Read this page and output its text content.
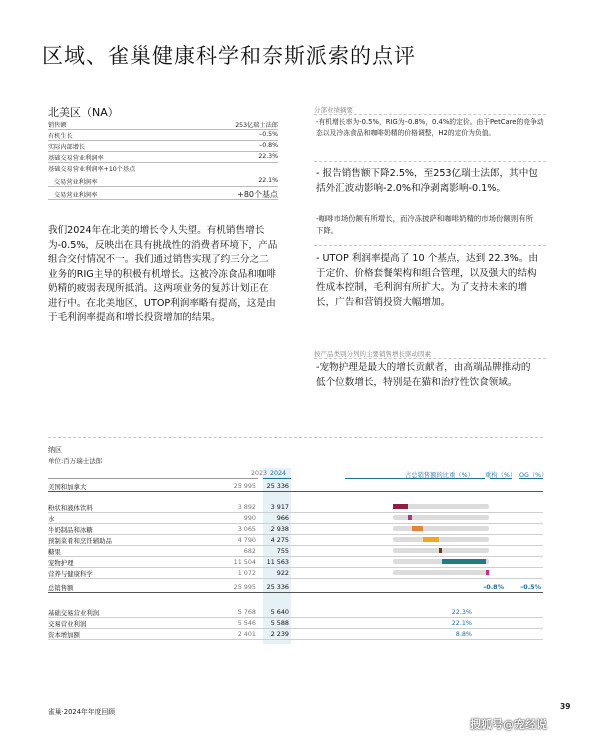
区域、雀巢健康科学和奈斯派索的点评
北美区（NA）
销售额	253亿瑞士法郎
有机生长	–0.5%
实际内部增长	–0.8%
基础交易营业利润率	22.3%
基础交易营业利润率+10个基点
交易营业利润率	22.1%
交易营业利润率	+80个基点
我们2024年在北美的增长令人失望。有机销售增长为-0.5%，反映出在具有挑战性的消费者环境下，产品组合交付情况不一。我们通过销售实现了约三分之二业务的RIG主导的积极有机增长。这被冷冻食品和咖啡奶精的疲弱表现所抵消。这两项业务的复苏计划正在进行中。在北美地区，UTOP利润率略有提高，这是由于毛利润率提高和增长投资增加的结果。
分部业绩摘要
-有机增长率为-0.5%，RIG为–0.8%，0.4%的定价。由于PetCare的竞争动态以及冷冻食品和咖啡奶精的价格调整，H2的定价为负值。
- 报告销售额下降2.5%，至253亿瑞士法郎，其中包括外汇波动影响-2.0%和净剥离影响-0.1%。
-咖啡市场份额有所增长，而冷冻披萨和咖啡奶精的市场份额则有所下降。
- UTOP 利润率提高了 10 个基点，达到 22.3%。由于定价、价格套餐架构和组合管理，以及强大的结构性成本控制，毛利润有所扩大。为了支持未来的增长，广告和营销投资大幅增加。
按产品类别分列的主要销售增长驱动因素
-宠物护理是最大的增长贡献者，由高端品牌推动的低个位数增长，特别是在猫和治疗性饮食领域。
纳区
单位:百万瑞士法郎
2023 2024	占总销售额的比重（%） 重构（%） OG（%）
美国和加拿大	25 995 25 336
粉状和液体饮料	3 892 3 917
水	990	966
牛奶制品和冰糖	3 065 2 938
预制菜肴和烹饪辅助品	4 790 4 275
糖果	682	755
宠物护理	11 504 11 563
营养与健康科学	1 072	922
总销售额	25 995 25 336	–0.8%	–0.5%
基础交易营业利润	5 768 5 640	22.3%
交易营业利润	5 546 5 588	22.1%
资本增加额	2 401 2 239	8.8%
雀巢·2024年年度回顾
39
搜狐号@宠经说
